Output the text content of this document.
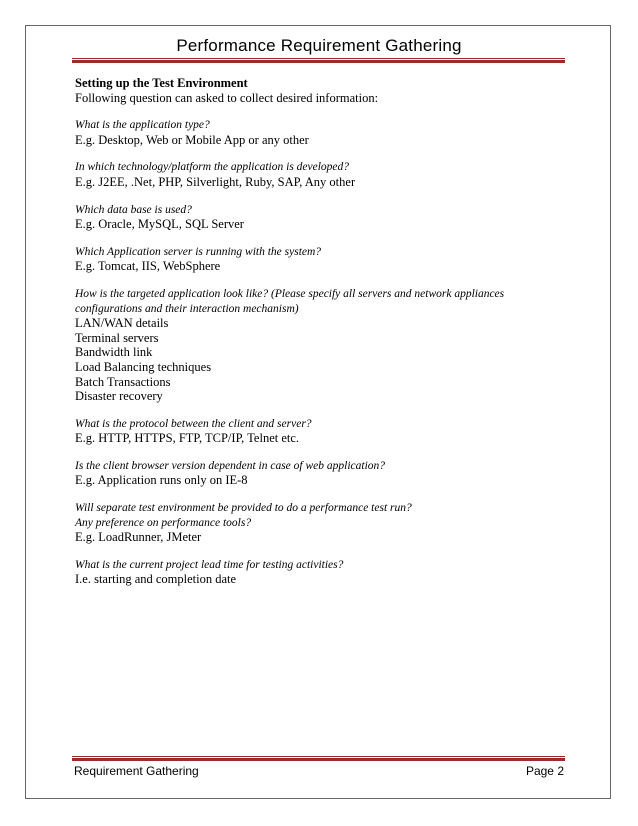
Performance Requirement Gathering
Setting up the Test Environment
Following question can asked to collect desired information:
What is the application type?
E.g. Desktop, Web or Mobile App or any other
In which technology/platform the application is developed?
E.g. J2EE, .Net, PHP, Silverlight, Ruby, SAP, Any other
Which data base is used?
E.g. Oracle, MySQL, SQL Server
Which Application server is running with the system?
E.g. Tomcat, IIS, WebSphere
How is the targeted application look like? (Please specify all servers and network appliances
configurations and their interaction mechanism)
LAN/WAN details
Terminal servers
Bandwidth link
Load Balancing techniques
Batch Transactions
Disaster recovery
What is the protocol between the client and server?
E.g. HTTP, HTTPS, FTP, TCP/IP, Telnet etc.
Is the client browser version dependent in case of web application?
E.g. Application runs only on IE-8
Will separate test environment be provided to do a performance test run?
Any preference on performance tools?
E.g. LoadRunner, JMeter
What is the current project lead time for testing activities?
I.e. starting and completion date
Requirement Gathering	Page 2
